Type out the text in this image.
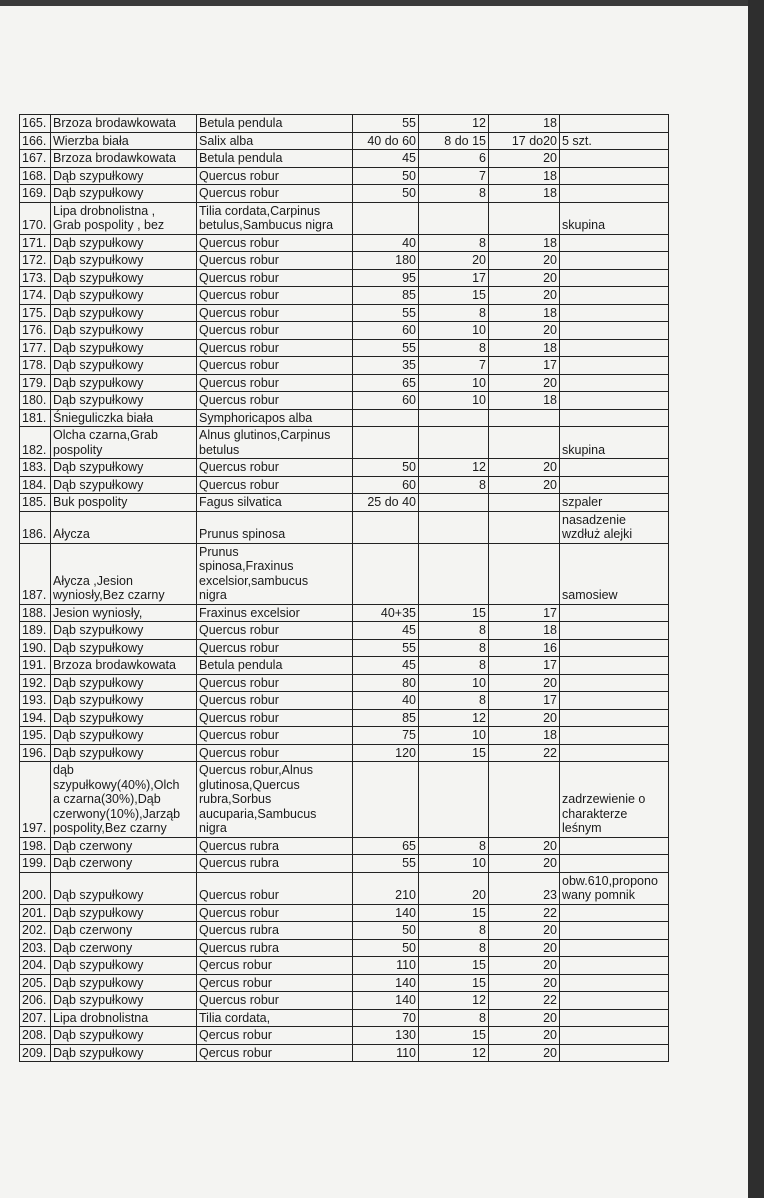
165.	Brzoza brodawkowata	Betula pendula	55	12	18	
166.	Wierzba biała	Salix alba	40 do 60	8 do 15	17 do20	5 szt.
167.	Brzoza brodawkowata	Betula pendula	45	6	20	
168.	Dąb szypułkowy	Quercus robur	50	7	18	
169.	Dąb szypułkowy	Quercus robur	50	8	18	
170.	Lipa drobnolistna ,
Grab pospolity , bez	Tilia cordata,Carpinus
betulus,Sambucus nigra				skupina
171.	Dąb szypułkowy	Quercus robur	40	8	18	
172.	Dąb szypułkowy	Quercus robur	180	20	20	
173.	Dąb szypułkowy	Quercus robur	95	17	20	
174.	Dąb szypułkowy	Quercus robur	85	15	20	
175.	Dąb szypułkowy	Quercus robur	55	8	18	
176.	Dąb szypułkowy	Quercus robur	60	10	20	
177.	Dąb szypułkowy	Quercus robur	55	8	18	
178.	Dąb szypułkowy	Quercus robur	35	7	17	
179.	Dąb szypułkowy	Quercus robur	65	10	20	
180.	Dąb szypułkowy	Quercus robur	60	10	18	
181.	Śnieguliczka biała	Symphoricapos alba				
182.	Olcha czarna,Grab
pospolity	Alnus glutinos,Carpinus
betulus				skupina
183.	Dąb szypułkowy	Quercus robur	50	12	20	
184.	Dąb szypułkowy	Quercus robur	60	8	20	
185.	Buk pospolity	Fagus silvatica	25 do 40			szpaler
186.	Ałycza	Prunus spinosa				nasadzenie
wzdłuż alejki
187.	Ałycza ,Jesion
wyniosły,Bez czarny	Prunus
spinosa,Fraxinus
excelsior,sambucus
nigra				samosiew
188.	Jesion wyniosły,	Fraxinus excelsior	40+35	15	17	
189.	Dąb szypułkowy	Quercus robur	45	8	18	
190.	Dąb szypułkowy	Quercus robur	55	8	16	
191.	Brzoza brodawkowata	Betula pendula	45	8	17	
192.	Dąb szypułkowy	Quercus robur	80	10	20	
193.	Dąb szypułkowy	Quercus robur	40	8	17	
194.	Dąb szypułkowy	Quercus robur	85	12	20	
195.	Dąb szypułkowy	Quercus robur	75	10	18	
196.	Dąb szypułkowy	Quercus robur	120	15	22	
197.	dąb
szypułkowy(40%),Olch
a czarna(30%),Dąb
czerwony(10%),Jarząb
pospolity,Bez czarny	Quercus robur,Alnus
glutinosa,Quercus
rubra,Sorbus
aucuparia,Sambucus
nigra				zadrzewienie o
charakterze
leśnym
198.	Dąb czerwony	Quercus rubra	65	8	20	
199.	Dąb czerwony	Quercus rubra	55	10	20	
200.	Dąb szypułkowy	Quercus robur	210	20	23	obw.610,propono
wany pomnik
201.	Dąb szypułkowy	Quercus robur	140	15	22	
202.	Dąb czerwony	Quercus rubra	50	8	20	
203.	Dąb czerwony	Quercus rubra	50	8	20	
204.	Dąb szypułkowy	Qercus robur	110	15	20	
205.	Dąb szypułkowy	Qercus robur	140	15	20	
206.	Dąb szypułkowy	Quercus robur	140	12	22	
207.	Lipa drobnolistna	Tilia cordata,	70	8	20	
208.	Dąb szypułkowy	Qercus robur	130	15	20	
209.	Dąb szypułkowy	Qercus robur	110	12	20	
